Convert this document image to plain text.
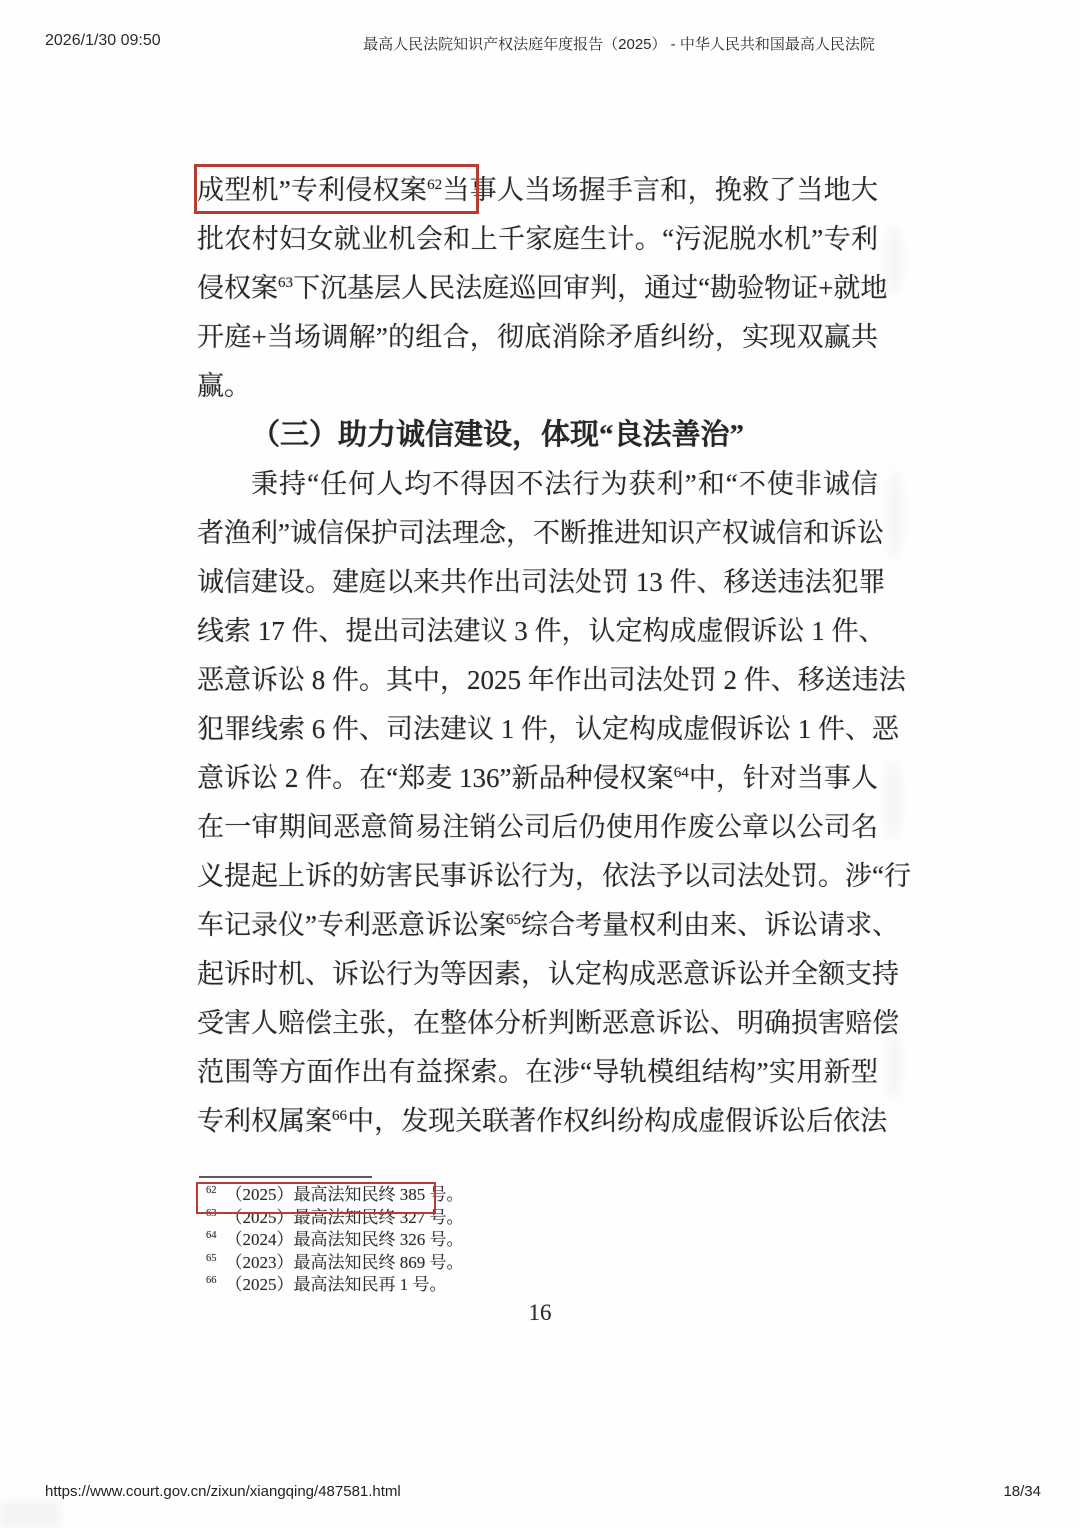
2026/1/30 09:50	最高人民法院知识产权法庭年度报告（2025） - 中华人民共和国最高人民法院
成型机”专利侵权案$^{62}$当事人当场握手言和，挽救了当地大
批农村妇女就业机会和上千家庭生计。“污泥脱水机”专利
侵权案$^{63}$下沉基层人民法庭巡回审判，通过“勘验物证+就地
开庭+当场调解”的组合，彻底消除矛盾纠纷，实现双赢共
赢。
（三）助力诚信建设，体现“良法善治”
秉持“任何人均不得因不法行为获利”和“不使非诚信
者渔利”诚信保护司法理念，不断推进知识产权诚信和诉讼
诚信建设。建庭以来共作出司法处罚 13 件、移送违法犯罪
线索 17 件、提出司法建议 3 件，认定构成虚假诉讼 1 件、
恶意诉讼 8 件。其中，2025 年作出司法处罚 2 件、移送违法
犯罪线索 6 件、司法建议 1 件，认定构成虚假诉讼 1 件、恶
意诉讼 2 件。在“郑麦 136”新品种侵权案$^{64}$中，针对当事人
在一审期间恶意简易注销公司后仍使用作废公章以公司名
义提起上诉的妨害民事诉讼行为，依法予以司法处罚。涉“行
车记录仪”专利恶意诉讼案$^{65}$综合考量权利由来、诉讼请求、
起诉时机、诉讼行为等因素，认定构成恶意诉讼并全额支持
受害人赔偿主张，在整体分析判断恶意诉讼、明确损害赔偿
范围等方面作出有益探索。在涉“导轨模组结构”实用新型
专利权属案$^{66}$中，发现关联著作权纠纷构成虚假诉讼后依法
$^{62}$ （2025）最高法知民终 385 号。
$^{63}$ （2025）最高法知民终 327 号。
$^{64}$ （2024）最高法知民终 326 号。
$^{65}$ （2023）最高法知民终 869 号。
$^{66}$ （2025）最高法知民再 1 号。
16
https://www.court.gov.cn/zixun/xiangqing/487581.html	18/34
